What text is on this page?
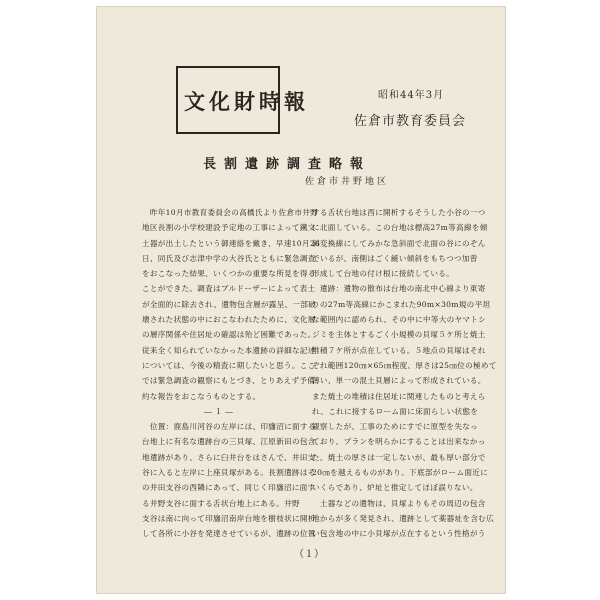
文化財時報	昭和44年3月
佐倉市教育委員会
長割遺跡調査略報
佐倉市井野地区
　昨年10月市教育委員会の高橋氏より佐倉市井野
地区長割の小学校建設予定地の工事によって鐵文
土器が出土したという御連絡を戴き、早速10月26
日、同氏及び志津中学の大谷氏とともに緊急調査
をおこなった結果、いくつかの重要な所見を得る
ことができた。調査はブルドーザーによって表土
が全面的に除去され、遺物包含層が露呈、一部破
壊された状態の中におこなわれたために、文化層
の層序関係や住居址の確認は殆ど困難であった。
従来全く知られていなかった本遺跡の詳細な記述
については、今後の精査に期したいと思う。ここ
では緊急調査の観察にもとづき、とりあえず予備
約な報告をおこなうものとする。
―１―
　位置：鹿島川河谷の左岸には、印旛沼に面する
台地上に有名な遺跡台の三貝塚、江原新田の包含
地遺跡があり、さらに臼井台をはさんで、井田支
谷に入ると左岸に上座貝塚がある。長割遺跡はそ
の井田支谷の西隣にあって、同じく印旛沼に面す
る井野支谷に面する舌状台地上にある。井野
支谷は南に向って印旛沼南岸台地を樹枝状に開析
して各所に小谷を発達させているが、遺跡の位置
する舌状台地は西に開析するそうした小谷の一つ
に北面している。この台地は標高27m等高線を傾
斜変換線にしてみかな急斜面で北面の谷にのぞん
でいるが、南側はごく緩い傾斜をもちつつ加曾
形成して台地の付け根に接続している。
　遺跡：遺物の散布は台地の南北中心線より東寄
りの27m等高線にかこまれた90m×30m規の平坦
な範囲内に認められ、その中に中等大のヤマトシ
ジミを主体とするごく小規模の貝塚５ケ所と焼土
堆積７ケ所が点在している。５地点の貝塚はそれ
ぞれ範囲120㎝×65㎝程度、厚さは25㎝位の極めて
薄い、単一の混土貝層によって形成されている。
また焼土の堆積は住居址に関連したものと考えら
れ、これに接するローム面に床面らしい状態を
観察したが、工事のためにすでに原型を失なっ
ており、プランを明らかにすることは出来なかっ
た。焼土の厚さは一定しないが、最も厚い部分で
20㎝を越えるものがあり、下底部がローム面近に
いくらであり、炉址と推定してほぼ誤りない。
　土器などの遺物は、貝塚よりもその周辺の包含
地からが多く発見され、遺跡として薬器址を含む広
い包含地の中に小貝塚が点在するという性格がう
（１）
